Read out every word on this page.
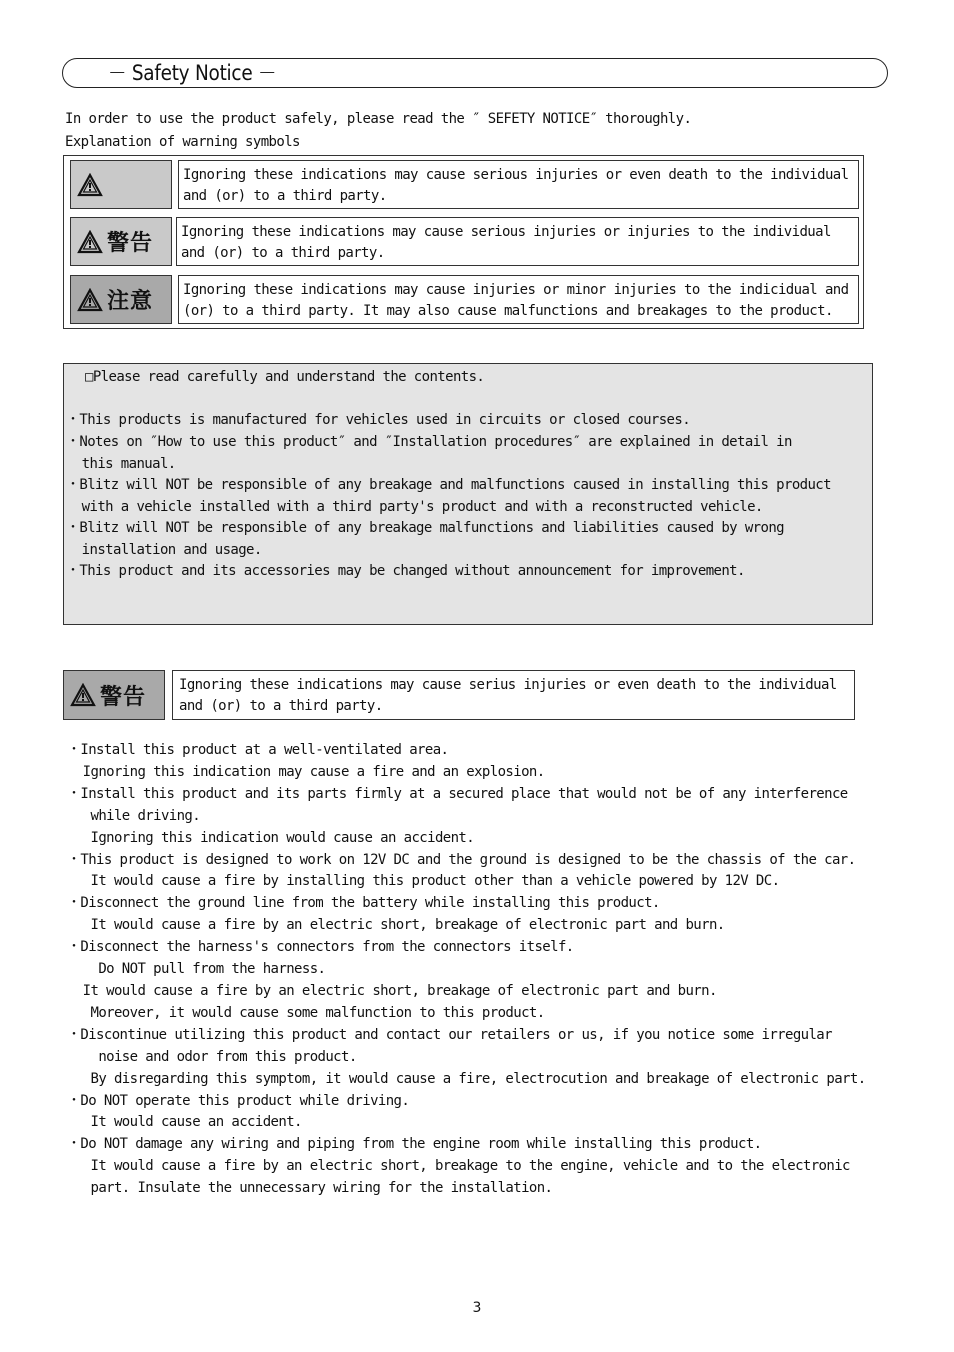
－ Safety Notice －
In order to use the product safely, please read the ″ SEFETY NOTICE″ thoroughly.
Explanation of warning symbols
Ignoring these indications may cause serious injuries or even death to the individual
and (or) to a third party.
警告 Ignoring these indications may cause serious injuries or injuries to the individual
and (or) to a third party.
注意 Ignoring these indications may cause injuries or minor injuries to the indicidual and
(or) to a third party. It may also cause malfunctions and breakages to the product.
□Please read carefully and understand the contents.
・This products is manufactured for vehicles used in circuits or closed courses.
・Notes on ″How to use this product″ and ″Installation procedures″ are explained in detail in
this manual.
・Blitz will NOT be responsible of any breakage and malfunctions caused in installing this product
with a vehicle installed with a third party's product and with a reconstructed vehicle.
・Blitz will NOT be responsible of any breakage malfunctions and liabilities caused by wrong
installation and usage.
・This product and its accessories may be changed without announcement for improvement.
警告 Ignoring these indications may cause serius injuries or even death to the individual
and (or) to a third party.
・Install this product at a well-ventilated area.
Ignoring this indication may cause a fire and an explosion.
・Install this product and its parts firmly at a secured place that would not be of any interference
while driving.
Ignoring this indication would cause an accident.
・This product is designed to work on 12V DC and the ground is designed to be the chassis of the car.
It would cause a fire by installing this product other than a vehicle powered by 12V DC.
・Disconnect the ground line from the battery while installing this product.
It would cause a fire by an electric short, breakage of electronic part and burn.
・Disconnect the harness's connectors from the connectors itself.
Do NOT pull from the harness.
It would cause a fire by an electric short, breakage of electronic part and burn.
Moreover, it would cause some malfunction to this product.
・Discontinue utilizing this product and contact our retailers or us, if you notice some irregular
noise and odor from this product.
By disregarding this symptom, it would cause a fire, electrocution and breakage of electronic part.
・Do NOT operate this product while driving.
It would cause an accident.
・Do NOT damage any wiring and piping from the engine room while installing this product.
It would cause a fire by an electric short, breakage to the engine, vehicle and to the electronic
part. Insulate the unnecessary wiring for the installation.
3
